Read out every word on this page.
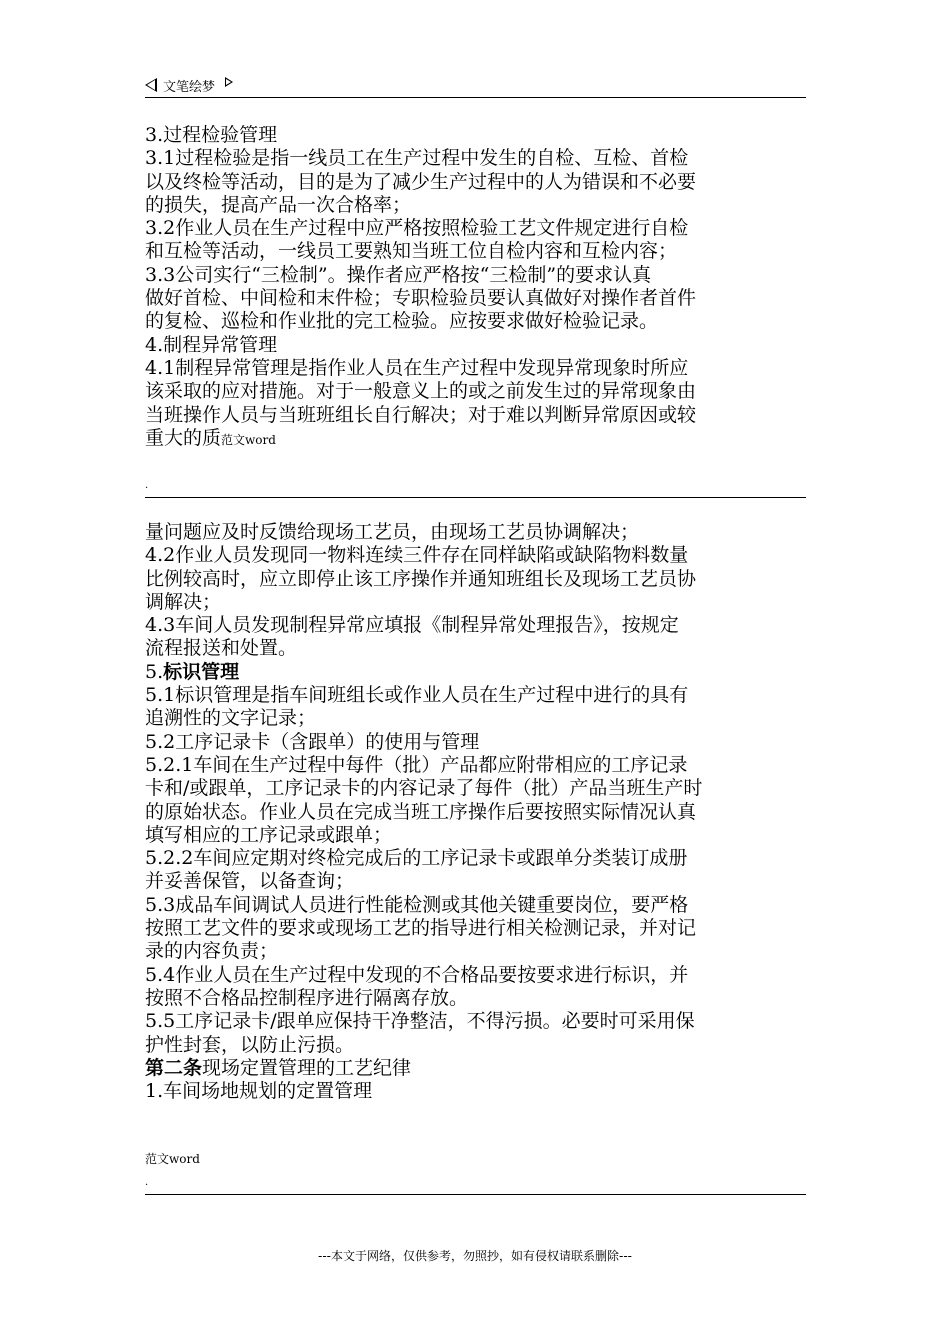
文笔绘梦

3.过程检验管理

3.1过程检验是指一线员工在生产过程中发生的自检、互检、首检

以及终检等活动，目的是为了减少生产过程中的人为错误和不必要

的损失，提高产品一次合格率；

3.2作业人员在生产过程中应严格按照检验工艺文件规定进行自检

和互检等活动，一线员工要熟知当班工位自检内容和互检内容；

3.3公司实行“三检制”。操作者应严格按“三检制”的要求认真

做好首检、中间检和末件检；专职检验员要认真做好对操作者首件

的复检、巡检和作业批的完工检验。应按要求做好检验记录。

4.制程异常管理

4.1制程异常管理是指作业人员在生产过程中发现异常现象时所应

该采取的应对措施。对于一般意义上的或之前发生过的异常现象由

当班操作人员与当班班组长自行解决；对于难以判断异常原因或较

重大的质范文word

.

量问题应及时反馈给现场工艺员，由现场工艺员协调解决；

4.2作业人员发现同一物料连续三件存在同样缺陷或缺陷物料数量

比例较高时，应立即停止该工序操作并通知班组长及现场工艺员协

调解决；

4.3车间人员发现制程异常应填报《制程异常处理报告》，按规定

流程报送和处置。

5.标识管理

5.1标识管理是指车间班组长或作业人员在生产过程中进行的具有

追溯性的文字记录；

5.2工序记录卡（含跟单）的使用与管理

5.2.1车间在生产过程中每件（批）产品都应附带相应的工序记录

卡和/或跟单，工序记录卡的内容记录了每件（批）产品当班生产时

的原始状态。作业人员在完成当班工序操作后要按照实际情况认真

填写相应的工序记录或跟单；

5.2.2车间应定期对终检完成后的工序记录卡或跟单分类装订成册

并妥善保管，以备查询；

5.3成品车间调试人员进行性能检测或其他关键重要岗位，要严格

按照工艺文件的要求或现场工艺的指导进行相关检测记录，并对记

录的内容负责；

5.4作业人员在生产过程中发现的不合格品要按要求进行标识，并

按照不合格品控制程序进行隔离存放。

5.5工序记录卡/跟单应保持干净整洁，不得污损。必要时可采用保

护性封套，以防止污损。

第二条现场定置管理的工艺纪律

1.车间场地规划的定置管理

范文word
.
---本文于网络，仅供参考，勿照抄，如有侵权请联系删除---
